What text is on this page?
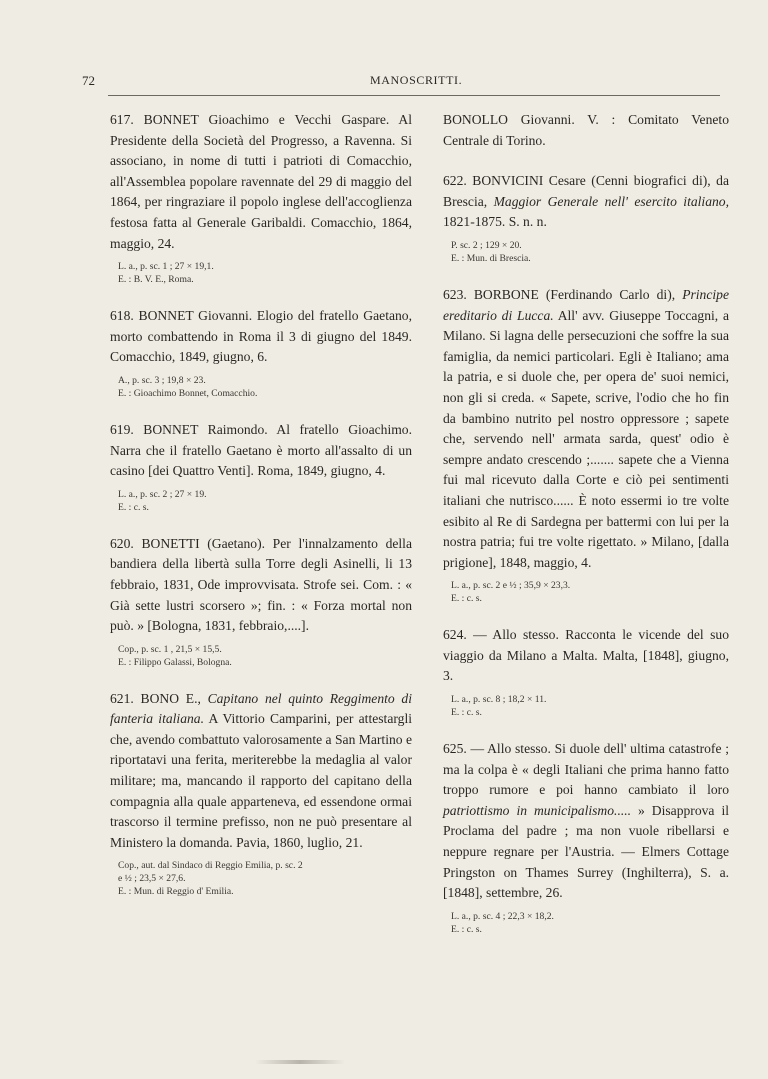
72	MANOSCRITTI.

617. BONNET Gioachimo e Vecchi Gaspare. Al Presidente della Società del Progresso, a Ravenna. Si associano, in nome di tutti i patrioti di Comacchio, all'Assemblea popolare ravennate del 29 di maggio del 1864, per ringraziare il popolo inglese dell'accoglienza festosa fatta al Generale Garibaldi. Comacchio, 1864, maggio, 24.

L. a., p. sc. 1 ; 27 × 19,1.
E. : B. V. E., Roma.

618. BONNET Giovanni. Elogio del fratello Gaetano, morto combattendo in Roma il 3 di giugno del 1849. Comacchio, 1849, giugno, 6.

A., p. sc. 3 ; 19,8 × 23.
E. : Gioachimo Bonnet, Comacchio.

619. BONNET Raimondo. Al fratello Gioachimo. Narra che il fratello Gaetano è morto all'assalto di un casino [dei Quattro Venti]. Roma, 1849, giugno, 4.

L. a., p. sc. 2 ; 27 × 19.
E. : c. s.

620. BONETTI (Gaetano). Per l'innalzamento della bandiera della libertà sulla Torre degli Asinelli, li 13 febbraio, 1831, Ode improvvisata. Strofe sei. Com. : « Già sette lustri scorsero »; fin. : « Forza mortal non può. » [Bologna, 1831, febbraio,....].

Cop., p. sc. 1 , 21,5 × 15,5.
E. : Filippo Galassi, Bologna.

621. BONO E., Capitano nel quinto Reggimento di fanteria italiana. A Vittorio Camparini, per attestargli che, avendo combattuto valorosamente a San Martino e riportatavi una ferita, meriterebbe la medaglia al valor militare; ma, mancando il rapporto del capitano della compagnia alla quale apparteneva, ed essendone ormai trascorso il termine prefisso, non ne può presentare al Ministero la domanda. Pavia, 1860, luglio, 21.

Cop., aut. dal Sindaco di Reggio Emilia, p. sc. 2
e ½ ; 23,5 × 27,6.
E. : Mun. di Reggio d' Emilia.

BONOLLO Giovanni. V. : Comitato Veneto Centrale di Torino.

622. BONVICINI Cesare (Cenni biografici di), da Brescia, Maggior Generale nell' esercito italiano, 1821-1875. S. n. n.

P. sc. 2 ; 129 × 20.
E. : Mun. di Brescia.

623. BORBONE (Ferdinando Carlo di), Principe ereditario di Lucca. All' avv. Giuseppe Toccagni, a Milano. Si lagna delle persecuzioni che soffre la sua famiglia, da nemici particolari. Egli è Italiano; ama la patria, e si duole che, per opera de' suoi nemici, non gli si creda. « Sapete, scrive, l'odio che ho fin da bambino nutrito pel nostro oppressore ; sapete che, servendo nell' armata sarda, quest' odio è sempre andato crescendo ;....... sapete che a Vienna fui mal ricevuto dalla Corte e ciò pei sentimenti italiani che nutrisco...... È noto essermi io tre volte esibito al Re di Sardegna per battermi con lui per la nostra patria; fui tre volte rigettato. » Milano, [dalla prigione], 1848, maggio, 4.

L. a., p. sc. 2 e ½ ; 35,9 × 23,3.
E. : c. s.

624. — Allo stesso. Racconta le vicende del suo viaggio da Milano a Malta. Malta, [1848], giugno, 3.

L. a., p. sc. 8 ; 18,2 × 11.
E. : c. s.

625. — Allo stesso. Si duole dell' ultima catastrofe ; ma la colpa è « degli Italiani che prima hanno fatto troppo rumore e poi hanno cambiato il loro patriottismo in municipalismo..... » Disapprova il Proclama del padre ; ma non vuole ribellarsi e neppure regnare per l'Austria. — Elmers Cottage Pringston on Thames Surrey (Inghilterra), S. a. [1848], settembre, 26.

L. a., p. sc. 4 ; 22,3 × 18,2.
E. : c. s.
